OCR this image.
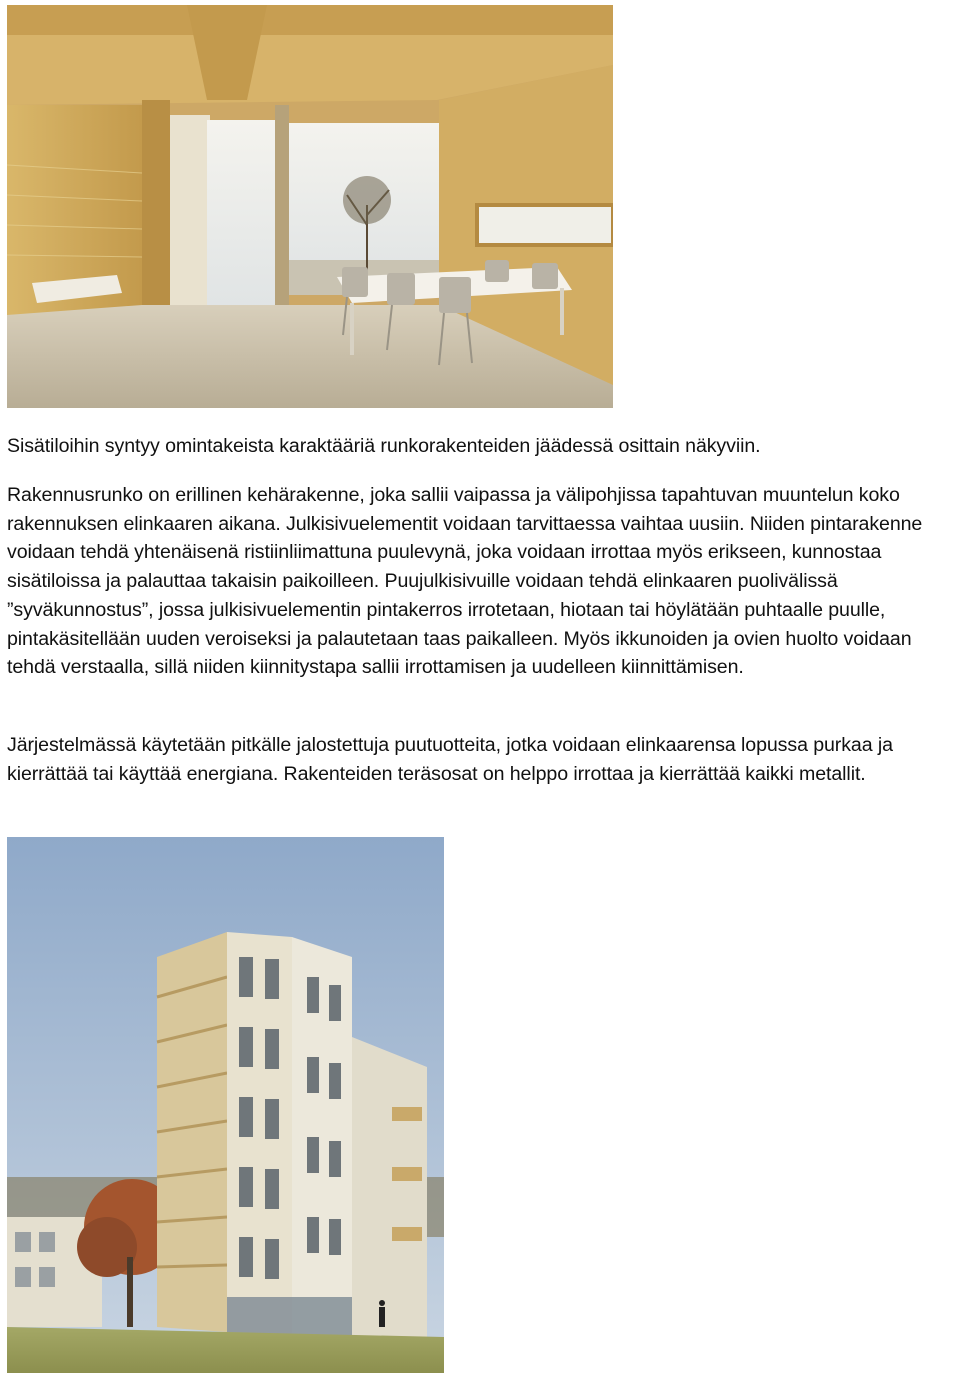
Sisätiloihin syntyy omintakeista karaktääriä runkorakenteiden jäädessä osittain näkyviin.

Rakennusrunko on erillinen kehärakenne, joka sallii vaipassa ja välipohjissa tapahtuvan muuntelun koko rakennuksen elinkaaren aikana. Julkisivuelementit voidaan tarvittaessa vaihtaa uusiin. Niiden pintarakenne voidaan tehdä yhtenäisenä ristiinliimattuna puulevynä, joka voidaan irrottaa myös erikseen, kunnostaa sisätiloissa ja palauttaa takaisin paikoilleen. Puujulkisivuille voidaan tehdä elinkaaren puolivälissä ”syväkunnostus”, jossa julkisivuelementin pintakerros irrotetaan, hiotaan tai höylätään puhtaalle puulle, pintakäsitellään uuden veroiseksi ja palautetaan taas paikalleen. Myös ikkunoiden ja ovien huolto voidaan tehdä verstaalla, sillä niiden kiinnitystapa sallii irrottamisen ja uudelleen kiinnittämisen.

Järjestelmässä käytetään pitkälle jalostettuja puutuotteita, jotka voidaan elinkaarensa lopussa purkaa ja kierrättää tai käyttää energiana. Rakenteiden teräsosat on helppo irrottaa ja kierrättää kaikki metallit.
